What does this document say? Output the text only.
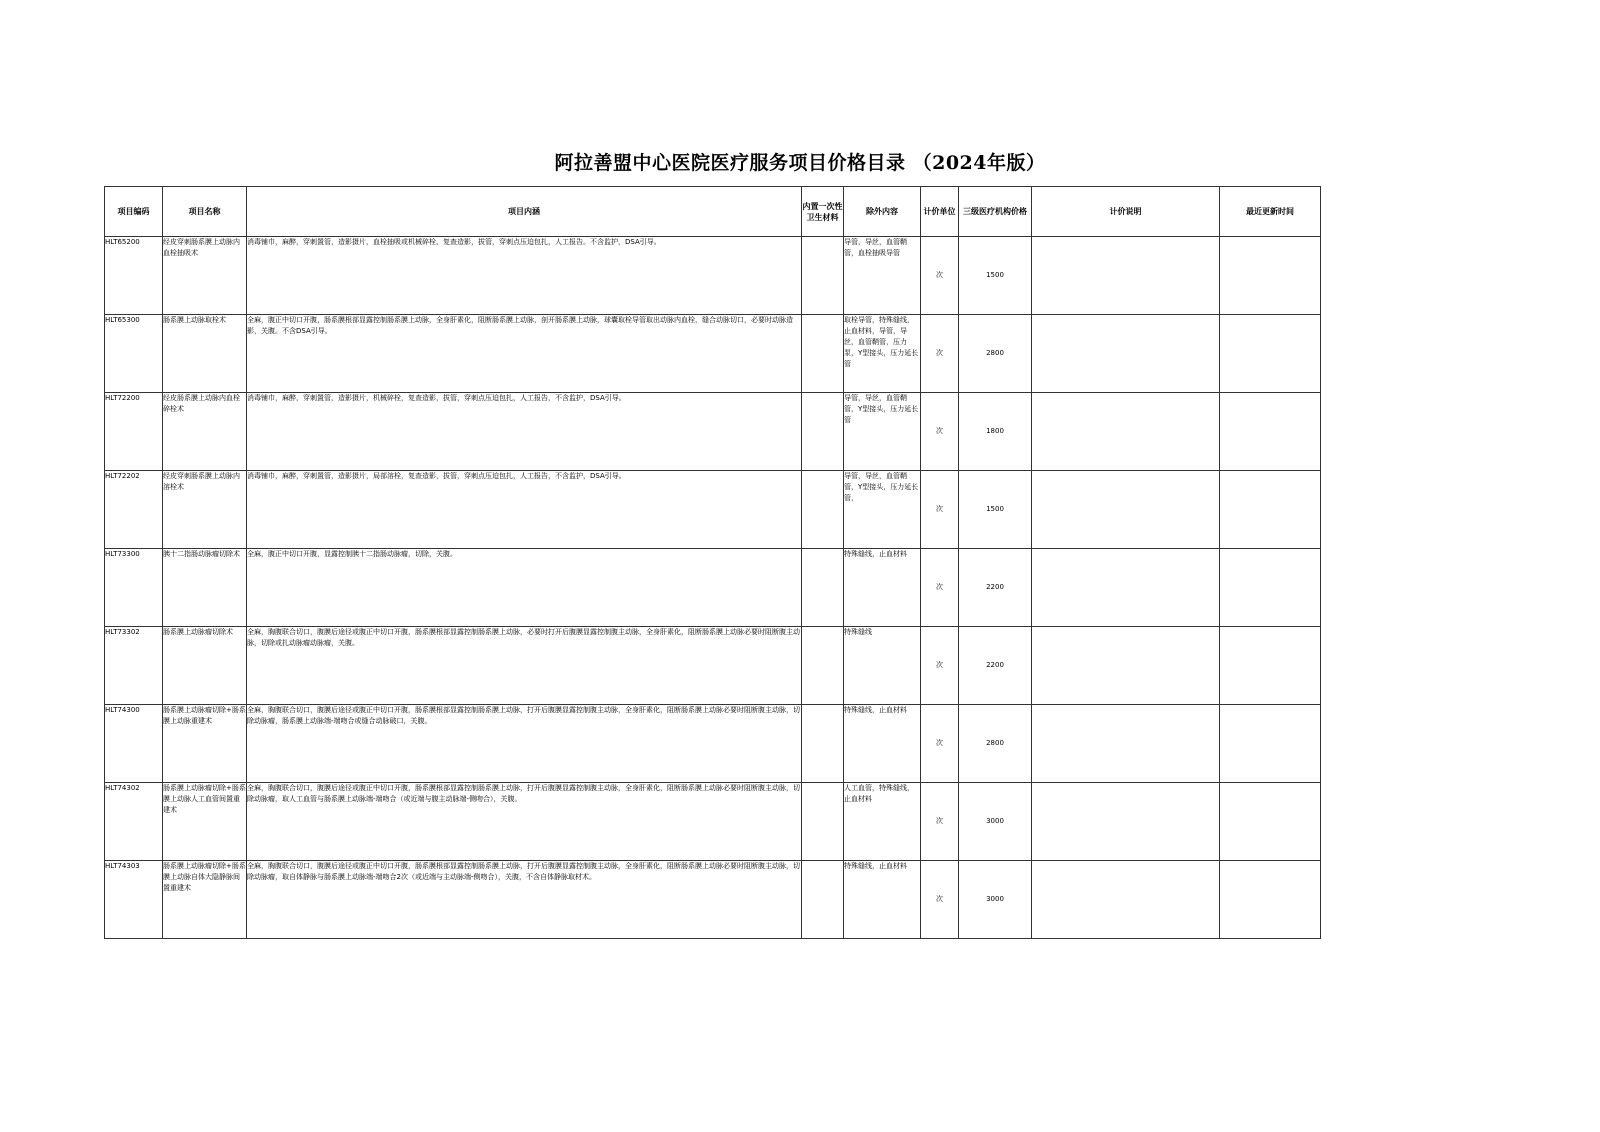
阿拉善盟中心医院医疗服务项目价格目录 （2024年版）
项目编码	项目名称	项目内涵	内置一次性卫生材料	除外内容	计价单位	三级医疗机构价格	计价说明	最近更新时间
HLT65200	经皮穿刺肠系膜上动脉内血栓抽吸术	消毒铺巾，麻醉，穿刺置管，造影摄片，血栓抽吸或机械碎栓，复查造影，拔管，穿刺点压迫包扎，人工报告。不含监护，DSA引导。		导管，导丝，血管鞘管，血栓抽吸导管	次	1500		
HLT65300	肠系膜上动脉取栓术	全麻，腹正中切口开腹，肠系膜根部显露控制肠系膜上动脉，全身肝素化，阻断肠系膜上动脉，剖开肠系膜上动脉，球囊取栓导管取出动脉内血栓，缝合动脉切口，必要时动脉造影，关腹。不含DSA引导。		取栓导管，特殊缝线，止血材料，导管，导丝，血管鞘管，压力泵，Y型接头，压力延长管	次	2800		
HLT72200	经皮肠系膜上动脉内血栓碎栓术	消毒铺巾，麻醉，穿刺置管，造影摄片，机械碎栓，复查造影，拔管，穿刺点压迫包扎，人工报告，不含监护，DSA引导。		导管，导丝，血管鞘管，Y型接头，压力延长管	次	1800		
HLT72202	经皮穿刺肠系膜上动脉内溶栓术	消毒铺巾，麻醉，穿刺置管，造影摄片，局部溶栓，复查造影，拔管，穿刺点压迫包扎，人工报告，不含监护，DSA引导。		导管，导丝，血管鞘管，Y型接头，压力延长管，	次	1500		
HLT73300	胰十二指肠动脉瘤切除术	全麻，腹正中切口开腹，显露控制胰十二指肠动脉瘤，切除，关腹。		特殊缝线，止血材料	次	2200		
HLT73302	肠系膜上动脉瘤切除术	全麻，胸腹联合切口，腹膜后途径或腹正中切口开腹，肠系膜根部显露控制肠系膜上动脉，必要时打开后腹膜显露控制腹主动脉，全身肝素化，阻断肠系膜上动脉必要时阻断腹主动脉，切除或扎动脉瘤动脉瘤，关腹。		特殊缝线	次	2200		
HLT74300	肠系膜上动脉瘤切除+肠系膜上动脉重建术	全麻，胸腹联合切口，腹膜后途径或腹正中切口开腹，肠系膜根部显露控制肠系膜上动脉，打开后腹膜显露控制腹主动脉，全身肝素化，阻断肠系膜上动脉必要时阻断腹主动脉，切除动脉瘤，肠系膜上动脉端-端吻合或缝合动脉破口，关腹。		特殊缝线，止血材料	次	2800		
HLT74302	肠系膜上动脉瘤切除+肠系膜上动脉人工血管间置重建术	全麻，胸腹联合切口，腹膜后途径或腹正中切口开腹，肠系膜根部显露控制肠系膜上动脉，打开后腹膜显露控制腹主动脉，全身肝素化，阻断肠系膜上动脉必要时阻断腹主动脉，切除动脉瘤，取人工血管与肠系膜上动脉端-端吻合（或近端与腹主动脉端-侧吻合），关腹。		人工血管，特殊缝线，止血材料	次	3000		
HLT74303	肠系膜上动脉瘤切除+肠系膜上动脉自体大隐静脉间置重建术	全麻，胸腹联合切口，腹膜后途径或腹正中切口开腹，肠系膜根部显露控制肠系膜上动脉，打开后腹膜显露控制腹主动脉，全身肝素化，阻断肠系膜上动脉必要时阻断腹主动脉，切除动脉瘤，取自体静脉与肠系膜上动脉端-端吻合2次（或近端与主动脉端-侧吻合），关腹，不含自体静脉取材术。		特殊缝线，止血材料	次	3000		
